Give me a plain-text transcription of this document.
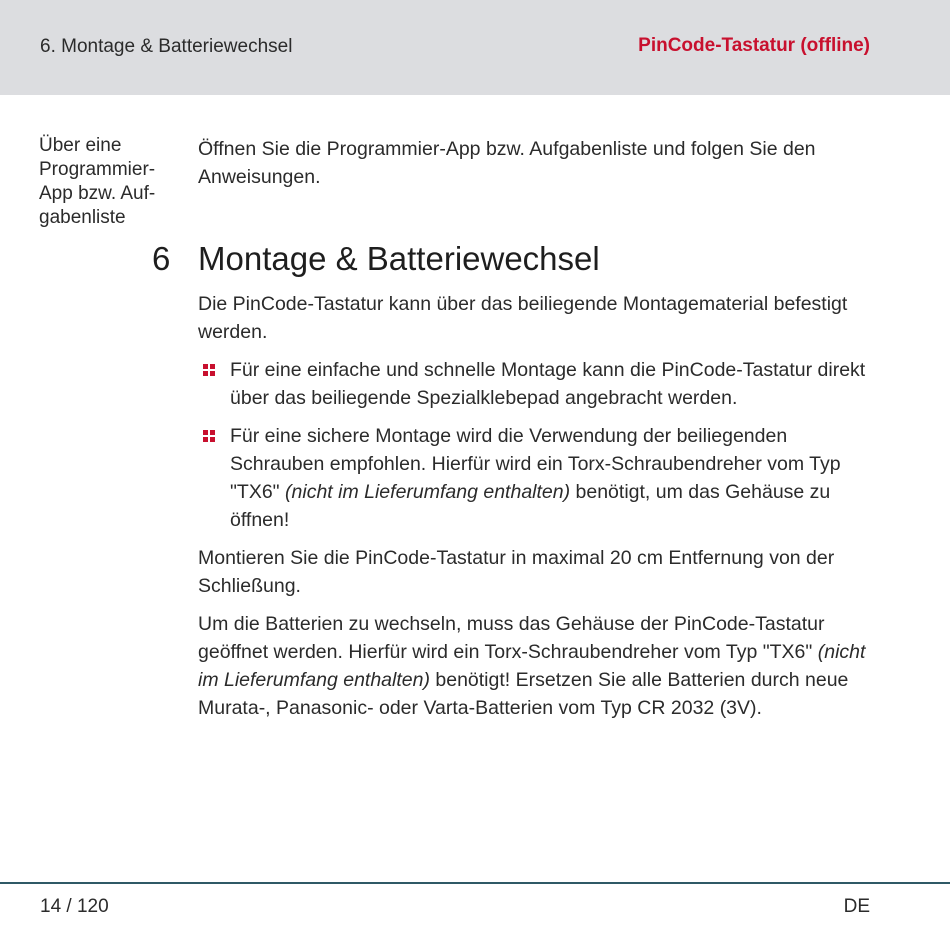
6. Montage & Batteriewechsel	PinCode-Tastatur (offline)
Über eine
Programmier-
App bzw. Auf-
gabenliste
Öffnen Sie die Programmier-App bzw. Aufgabenliste und folgen Sie den Anweisungen.
6 Montage & Batteriewechsel

Die PinCode-Tastatur kann über das beiliegende Montagematerial befestigt werden.

Für eine einfache und schnelle Montage kann die PinCode-Tastatur direkt über das beiliegende Spezialklebepad angebracht werden.
Für eine sichere Montage wird die Verwendung der beiliegenden Schrauben empfohlen. Hierfür wird ein Torx-Schraubendreher vom Typ "TX6" (nicht im Lieferumfang enthalten) benötigt, um das Gehäuse zu öffnen!

Montieren Sie die PinCode-Tastatur in maximal 20 cm Entfernung von der Schließung.

Um die Batterien zu wechseln, muss das Gehäuse der PinCode-Tastatur geöffnet werden. Hierfür wird ein Torx-Schraubendreher vom Typ "TX6" (nicht im Lieferumfang enthalten) benötigt! Ersetzen Sie alle Batterien durch neue Murata-, Panasonic- oder Varta-Batterien vom Typ CR 2032 (3V).

14 / 120	DE
